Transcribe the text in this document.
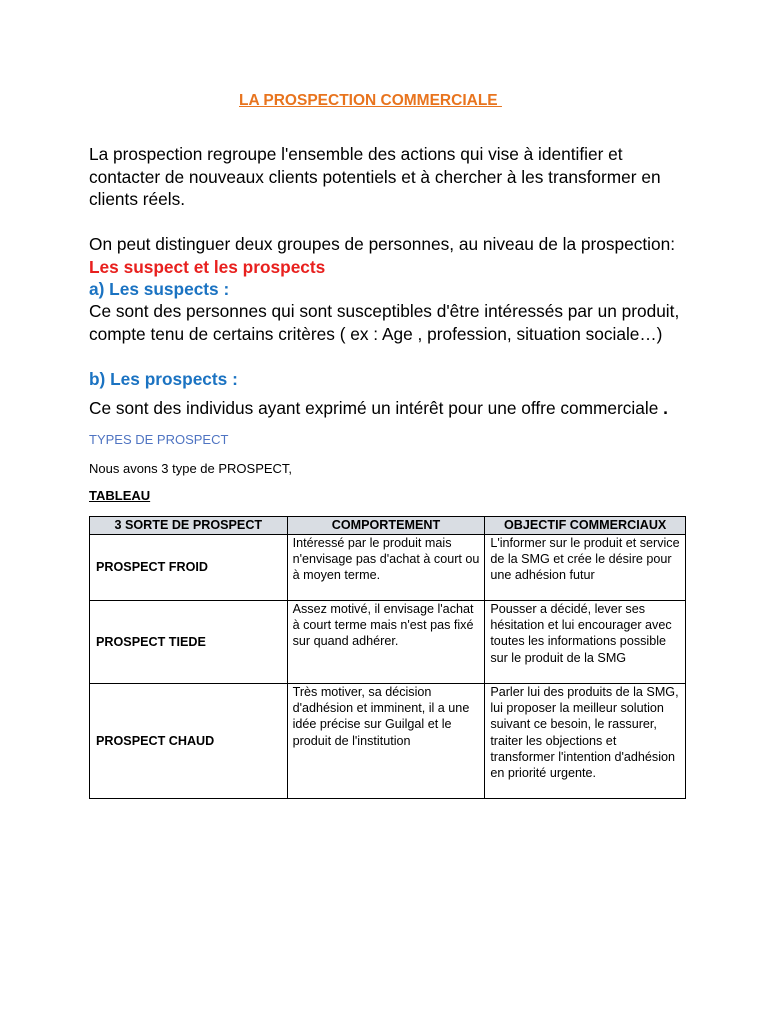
LA PROSPECTION COMMERCIALE
La prospection regroupe l'ensemble des actions qui vise à identifier et contacter de nouveaux clients potentiels et à chercher à les transformer en clients réels.
On peut distinguer deux groupes de personnes, au niveau de la prospection:
Les suspect et les prospects
a) Les suspects :
Ce sont des personnes qui sont susceptibles d'être intéressés par un produit, compte tenu de certains critères ( ex : Age , profession, situation sociale…)
b) Les prospects :
Ce sont des individus ayant exprimé un intérêt pour une offre commerciale .
TYPES DE PROSPECT
Nous avons 3 type de PROSPECT,
TABLEAU
3 SORTE DE PROSPECT	COMPORTEMENT	OBJECTIF COMMERCIAUX
PROSPECT FROID	Intéressé par le produit mais n'envisage pas d'achat à court ou à moyen terme.	L'informer sur le produit et service de la SMG et crée le désire pour une adhésion futur
PROSPECT TIEDE	Assez motivé, il envisage l'achat à court terme mais n'est pas fixé sur quand adhérer.	Pousser a décidé, lever ses hésitation et lui encourager avec toutes les informations possible sur le produit de la SMG
PROSPECT CHAUD	Très motiver, sa décision d'adhésion et imminent, il a une idée précise sur Guilgal et le produit de l'institution	Parler lui des produits de la SMG, lui proposer la meilleur solution suivant ce besoin, le rassurer, traiter les objections et transformer l'intention d'adhésion en priorité urgente.
